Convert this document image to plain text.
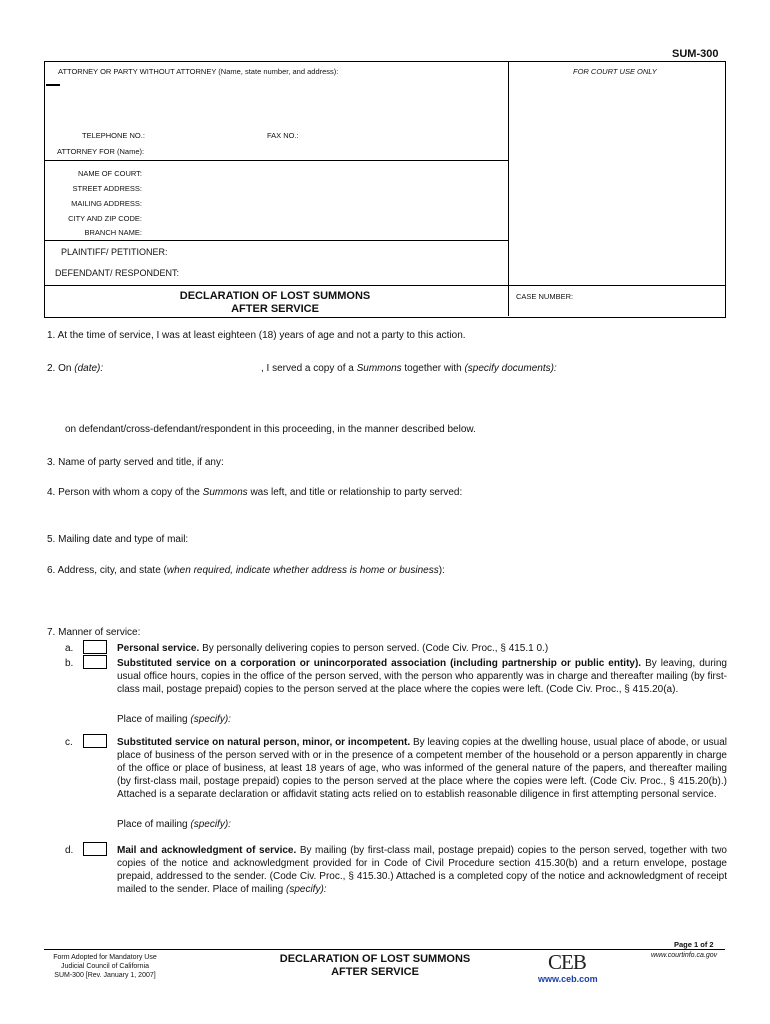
SUM-300
ATTORNEY OR PARTY WITHOUT ATTORNEY (Name, state number, and address):	FOR COURT USE ONLY
TELEPHONE NO.:	FAX NO.:
ATTORNEY FOR (Name):
NAME OF COURT:
STREET ADDRESS:
MAILING ADDRESS:
CITY AND ZIP CODE:
BRANCH NAME:
PLAINTIFF/ PETITIONER:
DEFENDANT/ RESPONDENT:
DECLARATION OF LOST SUMMONS
AFTER SERVICE
CASE NUMBER:
1. At the time of service, I was at least eighteen (18) years of age and not a party to this action.
2. On (date):	, I served a copy of a Summons together with (specify documents):
on defendant/cross-defendant/respondent in this proceeding, in the manner described below.
3. Name of party served and title, if any:
4. Person with whom a copy of the Summons was left, and title or relationship to party served:
5. Mailing date and type of mail:
6. Address, city, and state (when required, indicate whether address is home or business):
7. Manner of service:
a.	Personal service. By personally delivering copies to person served. (Code Civ. Proc., § 415.1 0.)
b.	Substituted service on a corporation or unincorporated association (including partnership or public entity). By leaving, during usual office hours, copies in the office of the person served, with the person who apparently was in charge and thereafter mailing (by first-class mail, postage prepaid) copies to the person served at the place where the copies were left. (Code Civ. Proc., § 415.20(a).
Place of mailing (specify):
c.	Substituted service on natural person, minor, or incompetent. By leaving copies at the dwelling house, usual place of abode, or usual place of business of the person served with or in the presence of a competent member of the household or a person apparently in charge of the office or place of business, at least 18 years of age, who was informed of the general nature of the papers, and thereafter mailing (by first-class mail, postage prepaid) copies to the person served at the place where the copies were left. (Code Civ. Proc., § 415.20(b).) Attached is a separate declaration or affidavit stating acts relied on to establish reasonable diligence in first attempting personal service.
Place of mailing (specify):
d.	Mail and acknowledgment of service. By mailing (by first-class mail, postage prepaid) copies to the person served, together with two copies of the notice and acknowledgment provided for in Code of Civil Procedure section 415.30(b) and a return envelope, postage prepaid, addressed to the sender. (Code Civ. Proc., § 415.30.) Attached is a completed copy of the notice and acknowledgment of receipt mailed to the sender. Place of mailing (specify):
Page 1 of 2
Form Adopted for Mandatory Use
Judicial Council of California
SUM-300 [Rev. January 1, 2007]
DECLARATION OF LOST SUMMONS
AFTER SERVICE	CEB
www.ceb.com
www.courtinfo.ca.gov
